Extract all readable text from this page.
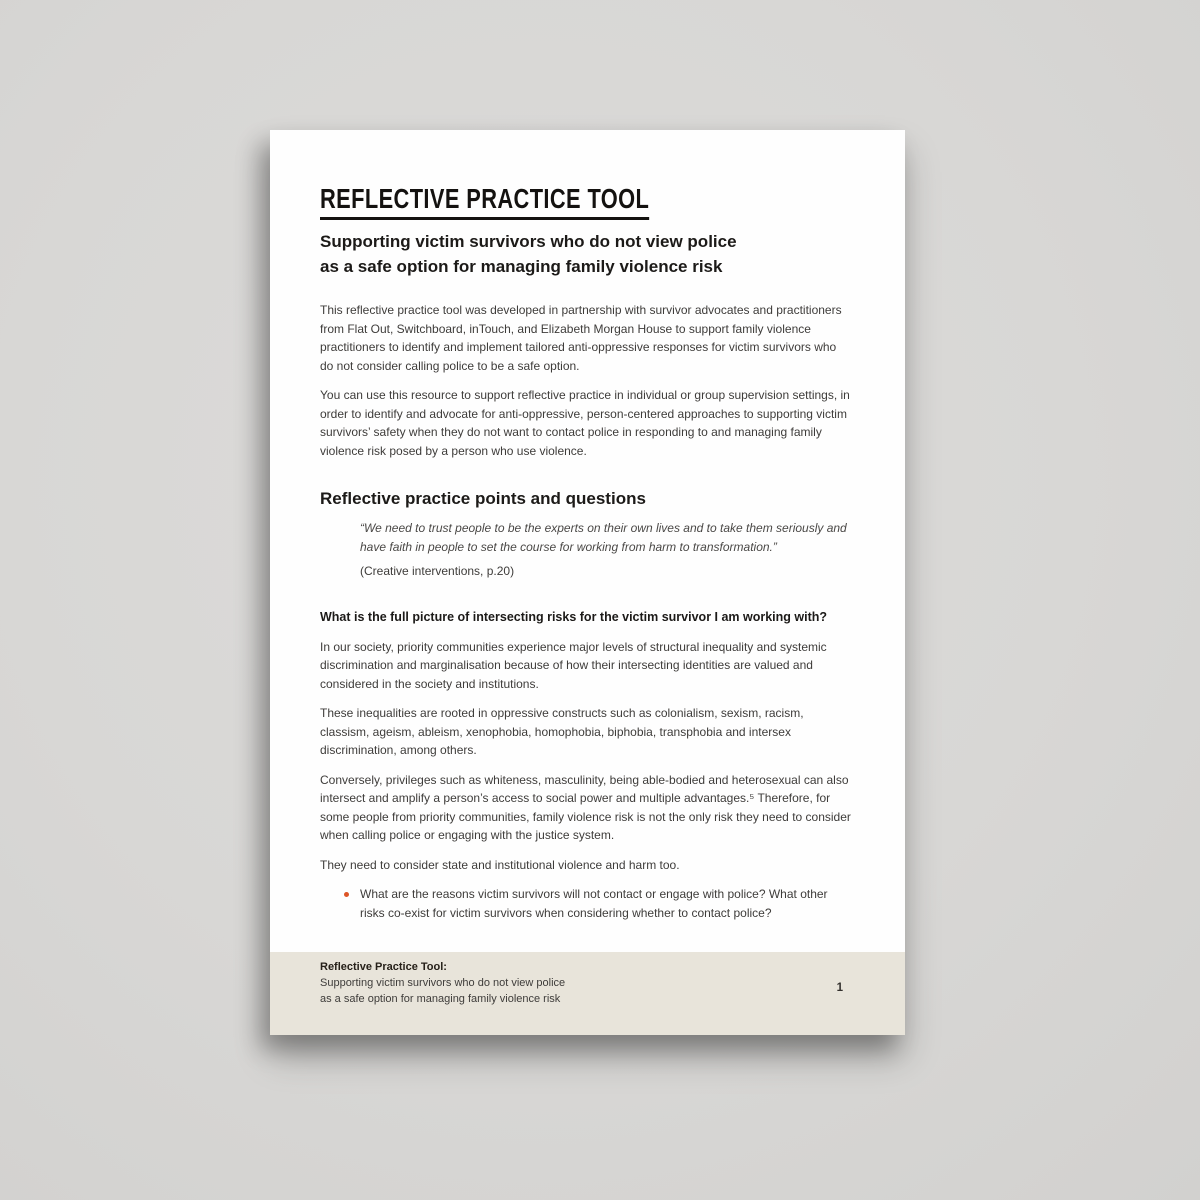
REFLECTIVE PRACTICE TOOL
Supporting victim survivors who do not view police
as a safe option for managing family violence risk

This reflective practice tool was developed in partnership with survivor advocates and practitioners from Flat Out, Switchboard, inTouch, and Elizabeth Morgan House to support family violence practitioners to identify and implement tailored anti-oppressive responses for victim survivors who do not consider calling police to be a safe option.

You can use this resource to support reflective practice in individual or group supervision settings, in order to identify and advocate for anti-oppressive, person-centered approaches to supporting victim survivors’ safety when they do not want to contact police in responding to and managing family violence risk posed by a person who use violence.

Reflective practice points and questions

“We need to trust people to be the experts on their own lives and to take them seriously and have faith in people to set the course for working from harm to transformation.”

(Creative interventions, p.20)

What is the full picture of intersecting risks for the victim survivor I am working with?

In our society, priority communities experience major levels of structural inequality and systemic discrimination and marginalisation because of how their intersecting identities are valued and considered in the society and institutions.

These inequalities are rooted in oppressive constructs such as colonialism, sexism, racism, classism, ageism, ableism, xenophobia, homophobia, biphobia, transphobia and intersex discrimination, among others.

Conversely, privileges such as whiteness, masculinity, being able-bodied and heterosexual can also intersect and amplify a person’s access to social power and multiple advantages.⁵ Therefore, for some people from priority communities, family violence risk is not the only risk they need to consider when calling police or engaging with the justice system.

They need to consider state and institutional violence and harm too.

What are the reasons victim survivors will not contact or engage with police? What other risks co-exist for victim survivors when considering whether to contact police?
Reflective Practice Tool:
Supporting victim survivors who do not view police
as a safe option for managing family violence risk
1
